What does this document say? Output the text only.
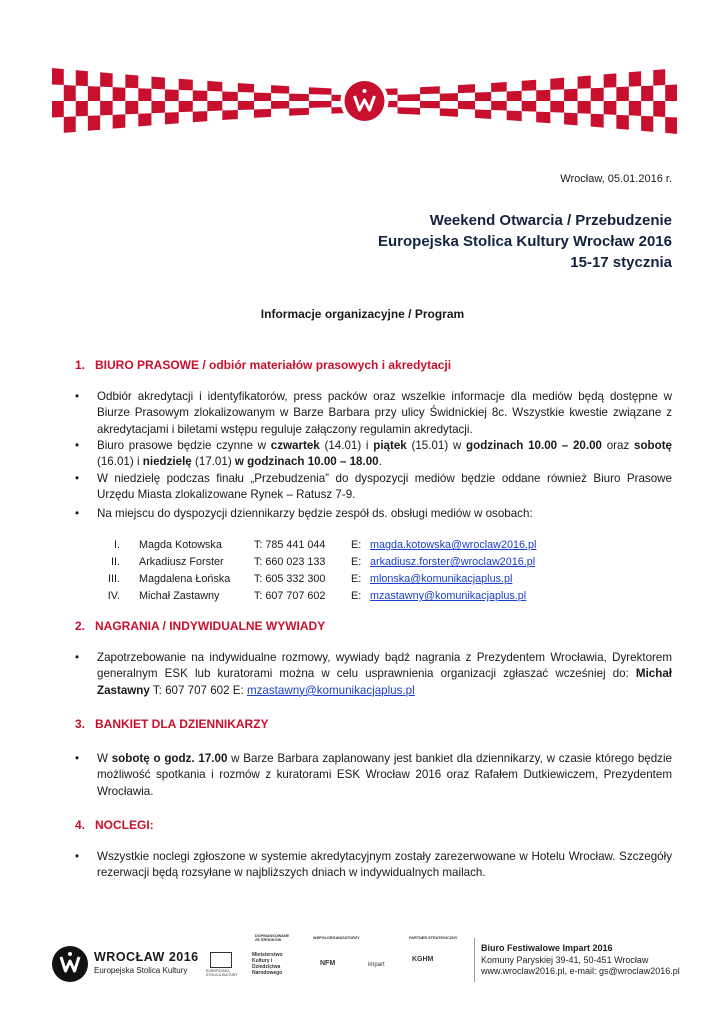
Wrocław, 05.01.2016 r.
Weekend Otwarcia / Przebudzenie
Europejska Stolica Kultury Wrocław 2016
15-17 stycznia
Informacje organizacyjne / Program
1. BIURO PRASOWE / odbiór materiałów prasowych i akredytacji
• Odbiór akredytacji i identyfikatorów, press packów oraz wszelkie informacje dla mediów będą dostępne w Biurze Prasowym zlokalizowanym w Barze Barbara przy ulicy Świdnickiej 8c. Wszystkie kwestie związane z akredytacjami i biletami wstępu reguluje załączony regulamin akredytacji.
• Biuro prasowe będzie czynne w czwartek (14.01) i piątek (15.01) w godzinach 10.00 – 20.00 oraz sobotę (16.01) i niedzielę (17.01) w godzinach 10.00 – 18.00.
• W niedzielę podczas finału „Przebudzenia” do dyspozycji mediów będzie oddane również Biuro Prasowe Urzędu Miasta zlokalizowane Rynek – Ratusz 7-9.
• Na miejscu do dyspozycji dziennikarzy będzie zespół ds. obsługi mediów w osobach:
I. Magda Kotowska	T: 785 441 044 E: magda.kotowska@wroclaw2016.pl
II. Arkadiusz Forster	T: 660 023 133 E: arkadiusz.forster@wroclaw2016.pl
III. Magdalena Łońska T: 605 332 300 E: mlonska@komunikacjaplus.pl
IV. Michał Zastawny	T: 607 707 602 E: mzastawny@komunikacjaplus.pl
2. NAGRANIA / INDYWIDUALNE WYWIADY
• Zapotrzebowanie na indywidualne rozmowy, wywiady bądź nagrania z Prezydentem Wrocławia, Dyrektorem generalnym ESK lub kuratorami można w celu usprawnienia organizacji zgłaszać wcześniej do: Michał Zastawny T: 607 707 602 E: mzastawny@komunikacjaplus.pl
3. BANKIET DLA DZIENNIKARZY
• W sobotę o godz. 17.00 w Barze Barbara zaplanowany jest bankiet dla dziennikarzy, w czasie którego będzie możliwość spotkania i rozmów z kuratorami ESK Wrocław 2016 oraz Rafałem Dutkiewiczem, Prezydentem Wrocławia.
4. NOCLEGI:
• Wszystkie noclegi zgłoszone w systemie akredytacyjnym zostały zarezerwowane w Hotelu Wrocław. Szczegóły rezerwacji będą rozsyłane w najbliższych dniach w indywidualnych mailach.
WROCŁAW 2016
Europejska Stolica Kultury
DOFINANSOWANE
ZE ŚRODKÓW	WSPÓŁORGANIZATORZY	PARTNER STRATEGICZNY
EUROPEJSKA STOLICA KULTURY
Ministerstwo Kultury i Dziedzictwa Narodowego
NFM	impart
KGHM
Biuro Festiwalowe Impart 2016
Komuny Paryskiej 39-41, 50-451 Wrocław
www.wroclaw2016.pl, e-mail: gs@wroclaw2016.pl
